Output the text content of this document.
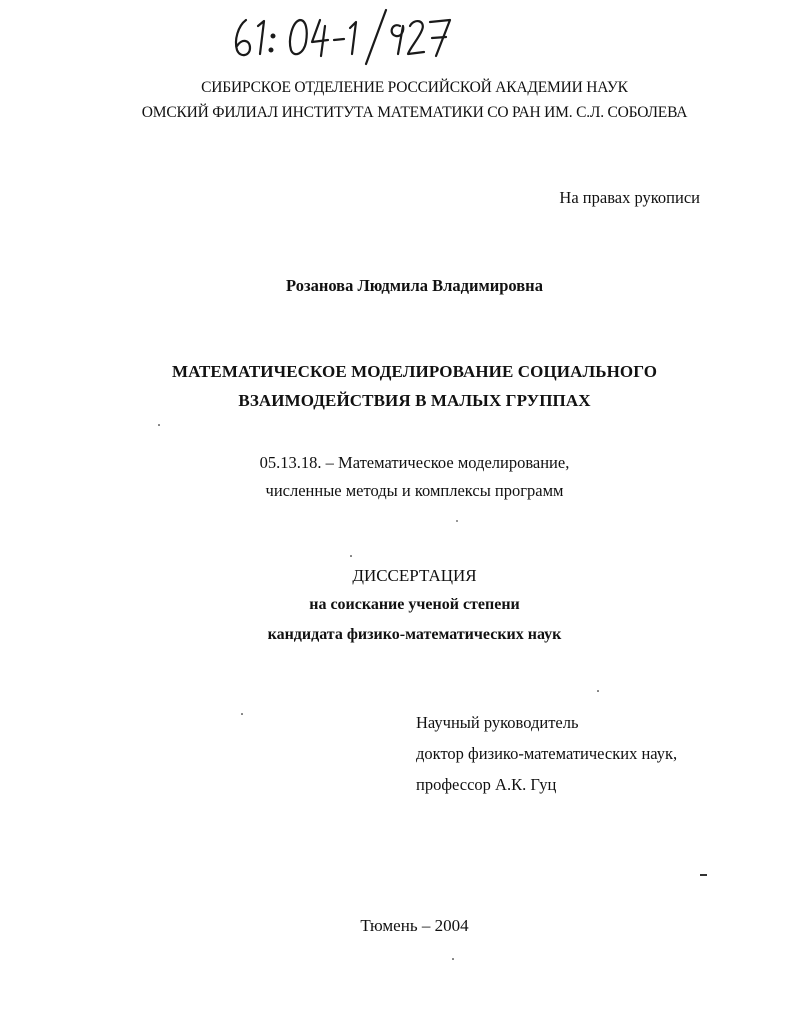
СИБИРСКОЕ ОТДЕЛЕНИЕ РОССИЙСКОЙ АКАДЕМИИ НАУК
ОМСКИЙ ФИЛИАЛ ИНСТИТУТА МАТЕМАТИКИ СО РАН ИМ. С.Л. СОБОЛЕВА
На правах рукописи
Розанова Людмила Владимировна
МАТЕМАТИЧЕСКОЕ МОДЕЛИРОВАНИЕ СОЦИАЛЬНОГО
ВЗАИМОДЕЙСТВИЯ В МАЛЫХ ГРУППАХ
05.13.18. – Математическое моделирование,
численные методы и комплексы программ
ДИССЕРТАЦИЯ
на соискание ученой степени
кандидата физико-математических наук
Научный руководитель
доктор физико-математических наук,
профессор А.К. Гуц
Тюмень – 2004
